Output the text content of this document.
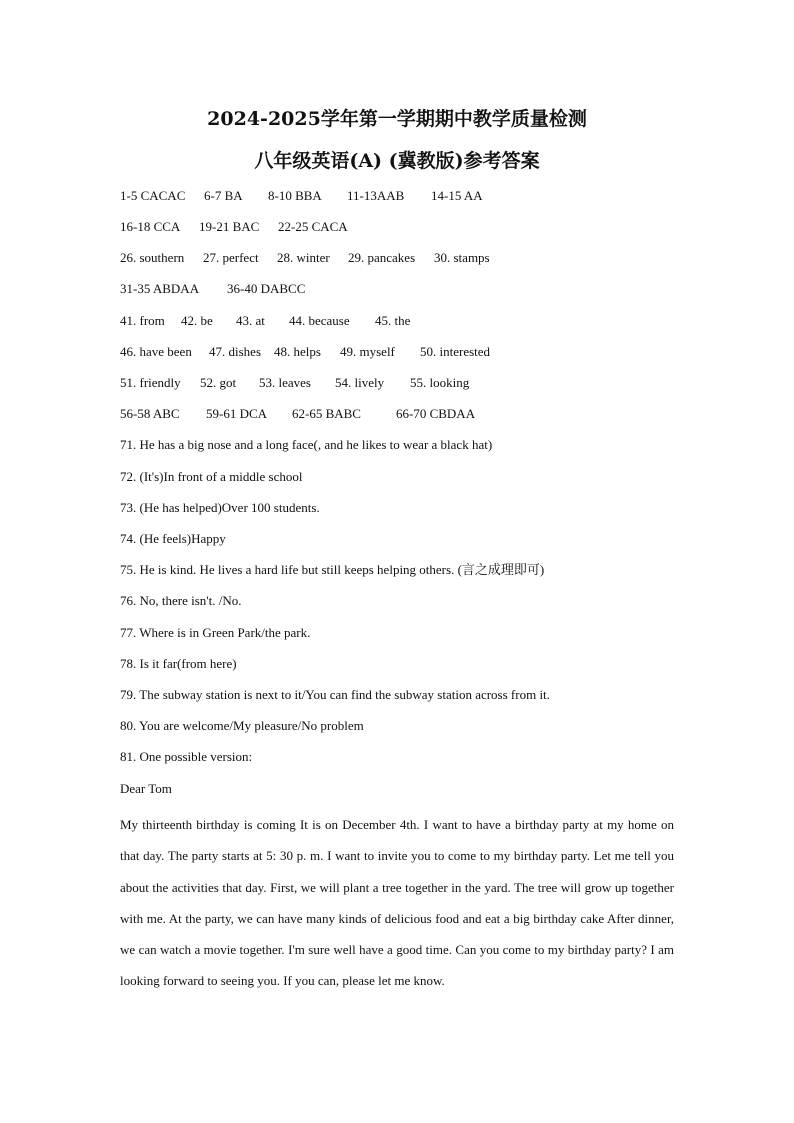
2024-2025学年第一学期期中教学质量检测
八年级英语(A) (冀教版)参考答案
1-5 CACAC	6-7 BA	8-10 BBA	11-13AAB	14-15 AA
16-18 CCA	19-21 BAC	22-25 CACA
26. southern	27. perfect	28. winter	29. pancakes	30. stamps
31-35 ABDAA	36-40 DABCC
41. from	42. be	43. at	44. because	45. the
46. have been	47. dishes	48. helps	49. myself	50. interested
51. friendly	52. got	53. leaves	54. lively	55. looking
56-58 ABC	59-61 DCA	62-65 BABC	66-70 CBDAA
71. He has a big nose and a long face(, and he likes to wear a black hat)
72. (It's)In front of a middle school
73. (He has helped)Over 100 students.
74. (He feels)Happy
75. He is kind. He lives a hard life but still keeps helping others. (言之成理即可)
76. No, there isn't. /No.
77. Where is in Green Park/the park.
78. Is it far(from here)
79. The subway station is next to it/You can find the subway station across from it.
80. You are welcome/My pleasure/No problem
81. One possible version:
Dear Tom
My thirteenth birthday is coming It is on December 4th. I want to have a birthday party at my home on that day. The party starts at 5: 30 p. m. I want to invite you to come to my birthday party. Let me tell you about the activities that day. First, we will plant a tree together in the yard. The tree will grow up together with me. At the party, we can have many kinds of delicious food and eat a big birthday cake After dinner, we can watch a movie together. I'm sure well have a good time. Can you come to my birthday party? I am looking forward to seeing you. If you can, please let me know.
